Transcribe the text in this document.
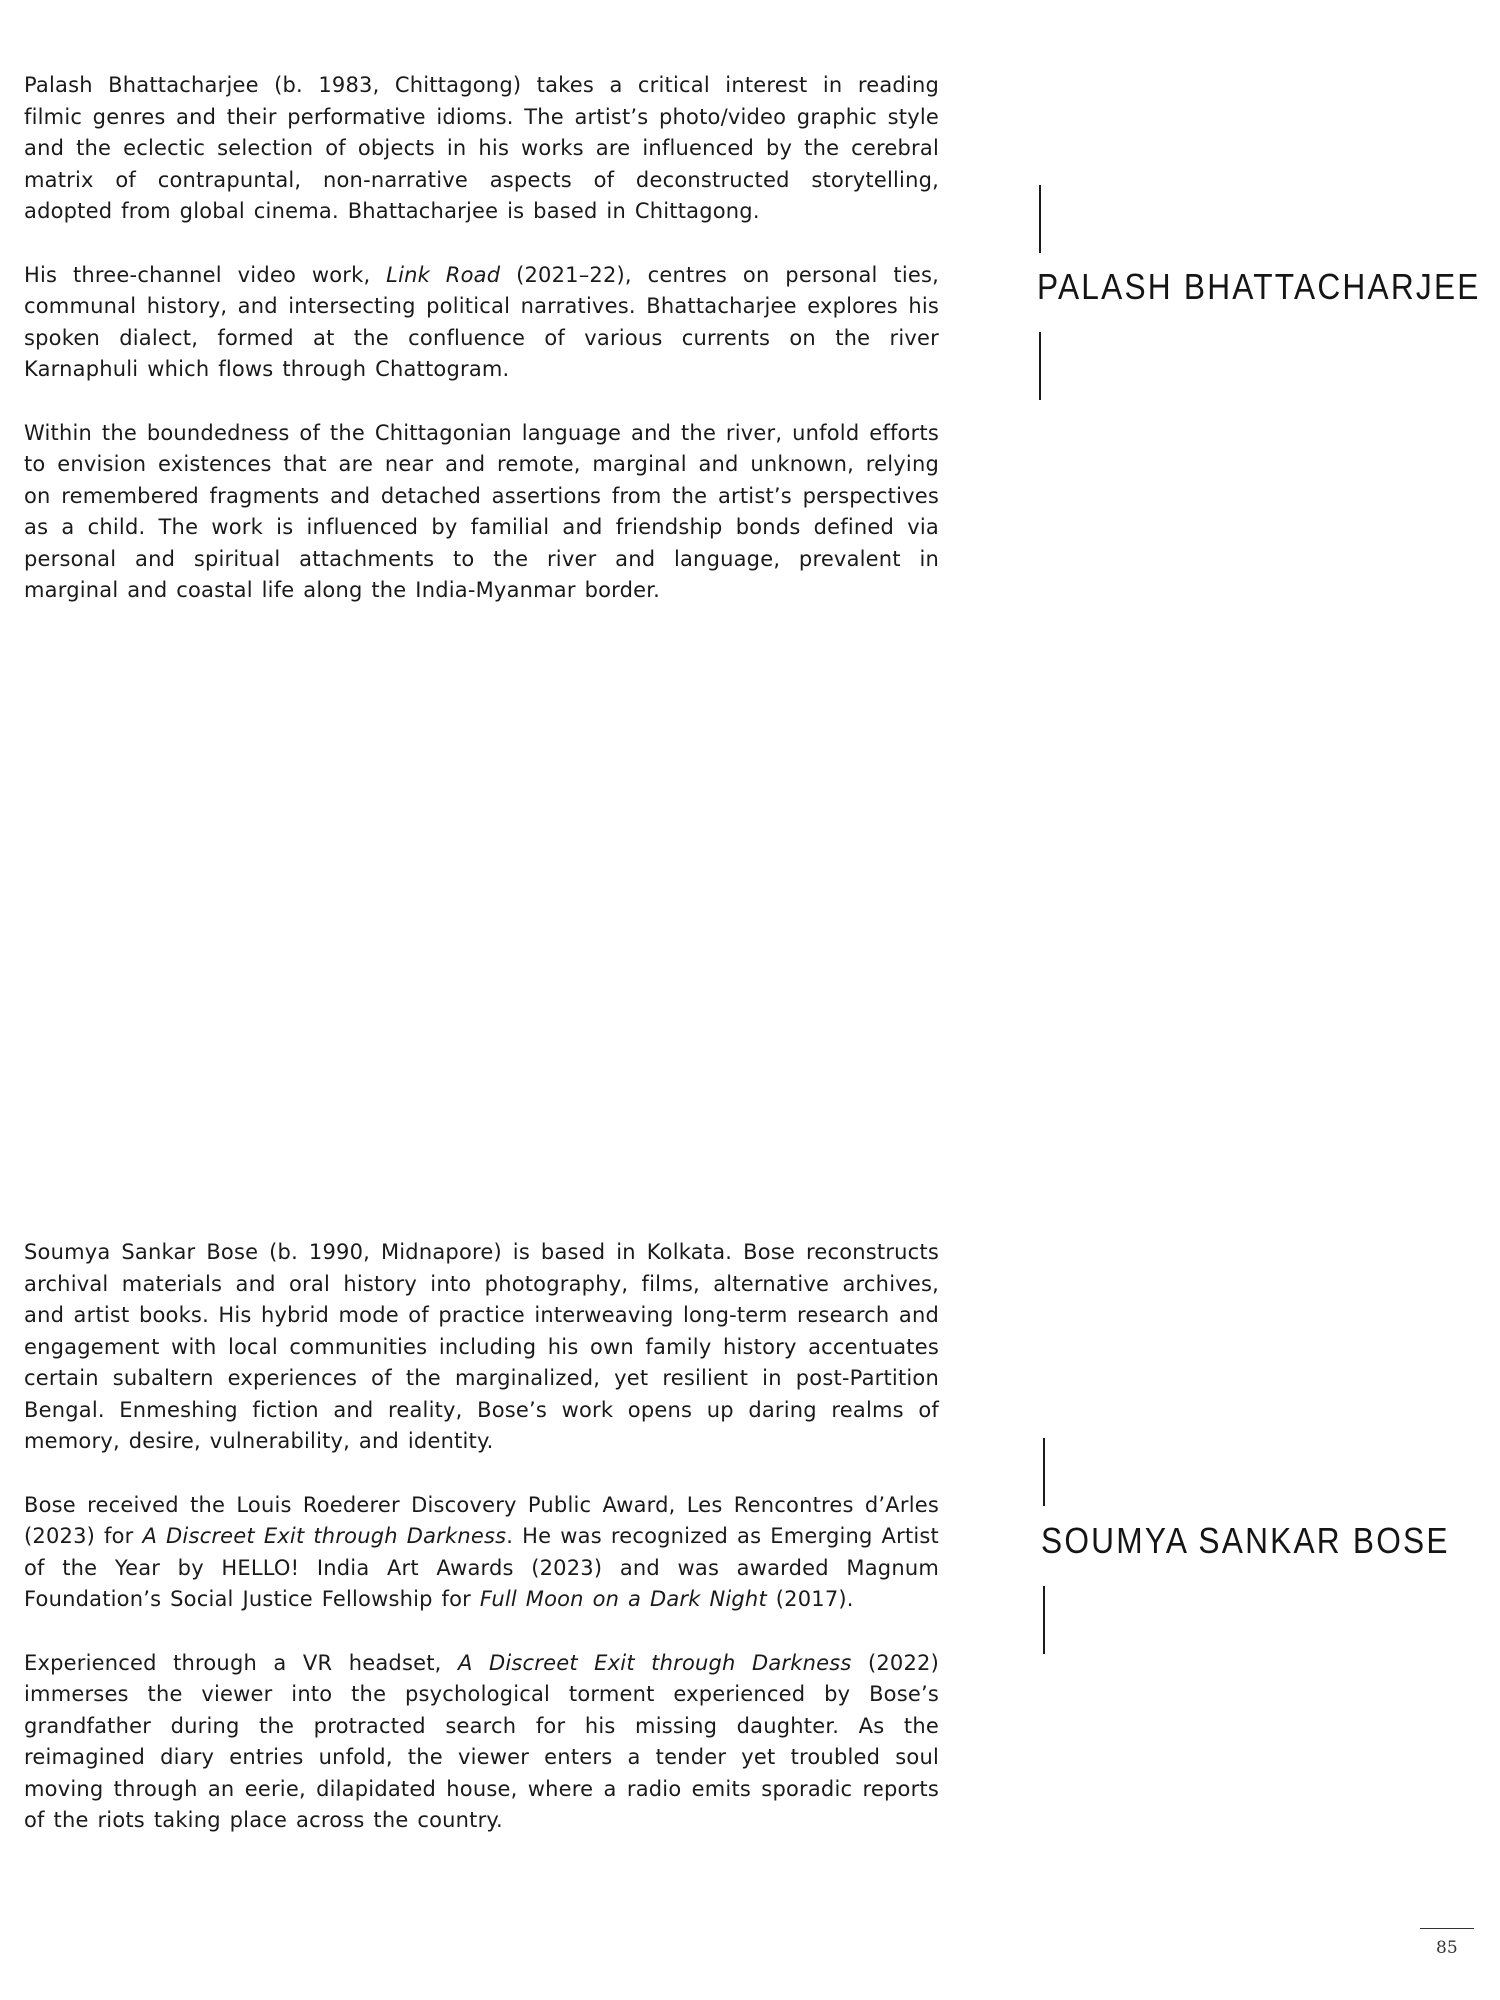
Palash Bhattacharjee (b. 1983, Chittagong) takes a critical interest in reading filmic genres and their performative idioms. The artist’s photo/video graphic style and the eclectic selection of objects in his works are influenced by the cerebral matrix of contrapuntal, non-narrative aspects of deconstructed storytelling, adopted from global cinema. Bhattacharjee is based in Chittagong.

His three-channel video work, Link Road (2021–22), centres on personal ties, communal history, and intersecting political narratives. Bhattacharjee explores his spoken dialect, formed at the confluence of various currents on the river Karnaphuli which flows through Chattogram.

Within the boundedness of the Chittagonian language and the river, unfold efforts to envision existences that are near and remote, marginal and unknown, relying on remembered fragments and detached assertions from the artist’s perspectives as a child. The work is influenced by familial and friendship bonds defined via personal and spiritual attachments to the river and language, prevalent in marginal and coastal life along the India-Myanmar border.

PALASH BHATTACHARJEE

Soumya Sankar Bose (b. 1990, Midnapore) is based in Kolkata. Bose reconstructs archival materials and oral history into photography, films, alternative archives, and artist books. His hybrid mode of practice interweaving long-term research and engagement with local communities including his own family history accentuates certain subaltern experiences of the marginalized, yet resilient in post-Partition Bengal. Enmeshing fiction and reality, Bose’s work opens up daring realms of memory, desire, vulnerability, and identity.

Bose received the Louis Roederer Discovery Public Award, Les Rencontres d’Arles (2023) for A Discreet Exit through Darkness. He was recognized as Emerging Artist of the Year by HELLO! India Art Awards (2023) and was awarded Magnum Foundation’s Social Justice Fellowship for Full Moon on a Dark Night (2017).

Experienced through a VR headset, A Discreet Exit through Darkness (2022) immerses the viewer into the psychological torment experienced by Bose’s grandfather during the protracted search for his missing daughter. As the reimagined diary entries unfold, the viewer enters a tender yet troubled soul moving through an eerie, dilapidated house, where a radio emits sporadic reports of the riots taking place across the country.

SOUMYA SANKAR BOSE
85
